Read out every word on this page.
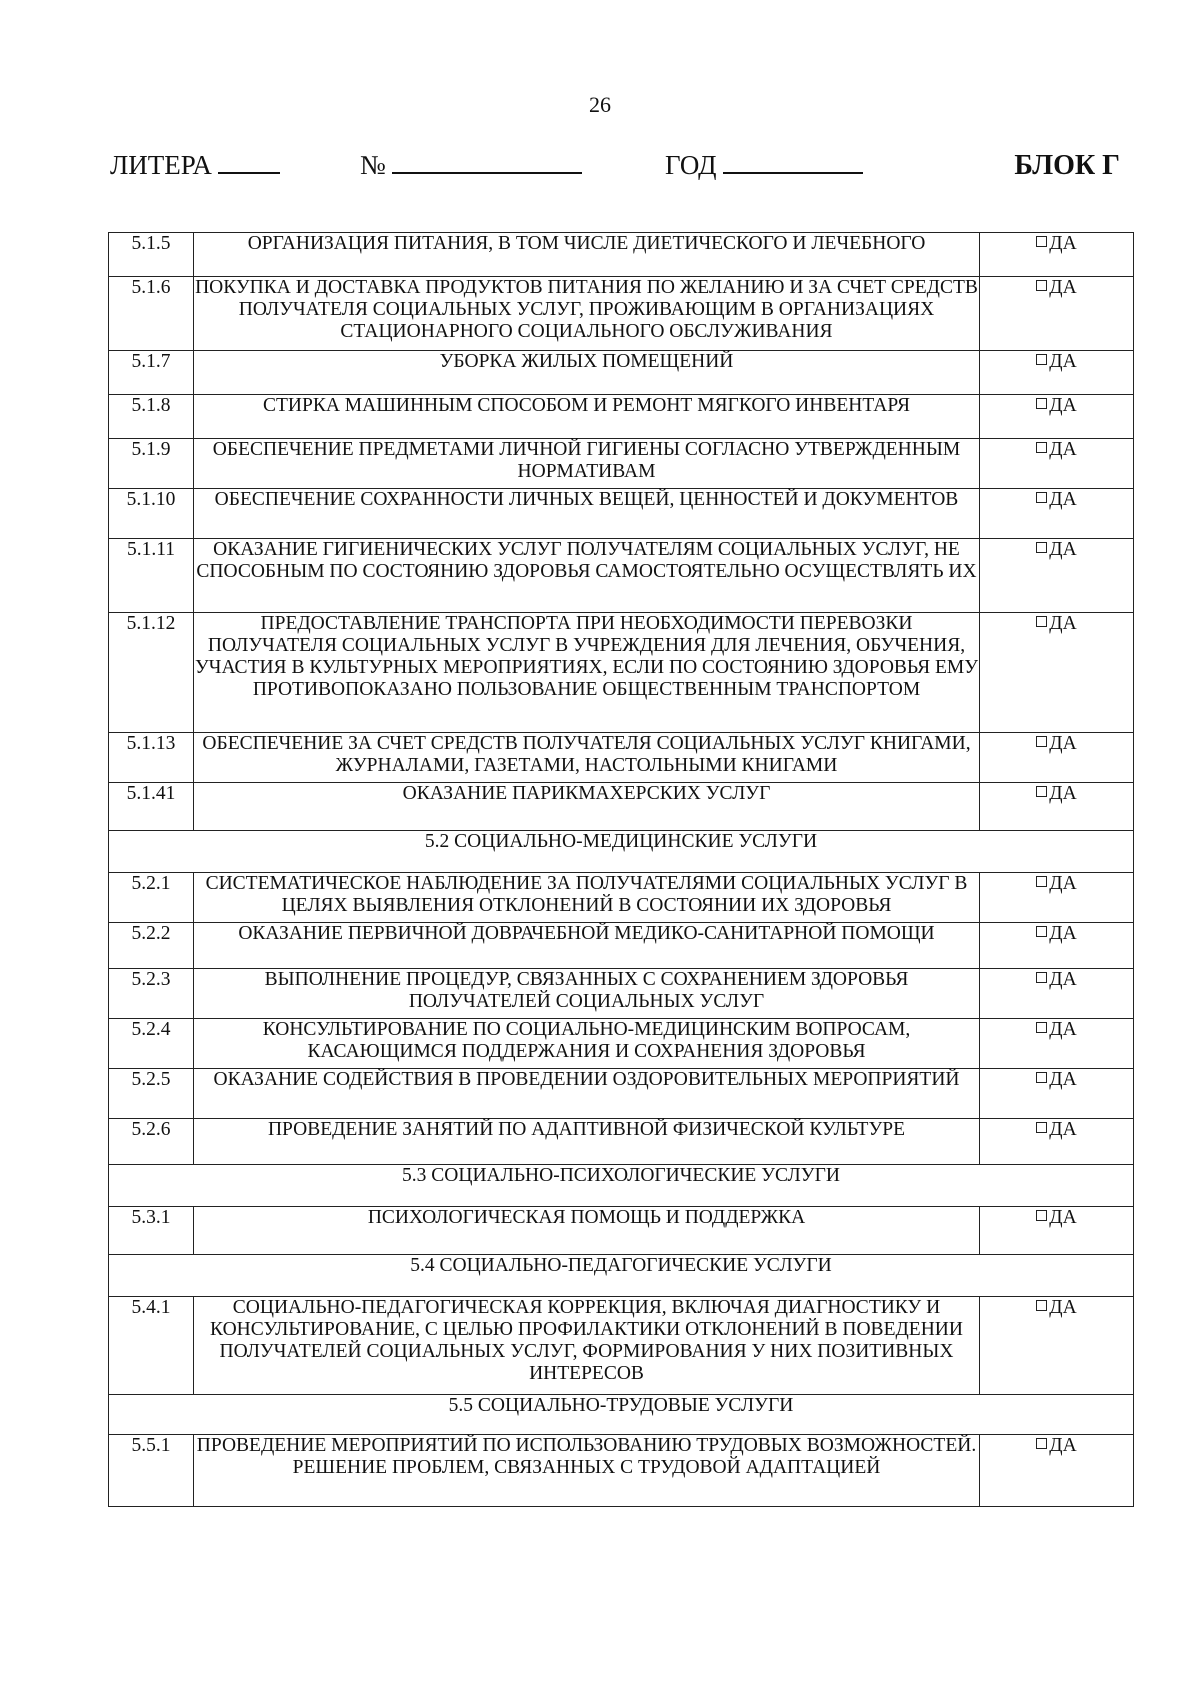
26
ЛИТЕРА	№	ГОД	БЛОК Г
5.1.5	ОРГАНИЗАЦИЯ ПИТАНИЯ, В ТОМ ЧИСЛЕ ДИЕТИЧЕСКОГО И ЛЕЧЕБНОГО	ДА
5.1.6	ПОКУПКА И ДОСТАВКА ПРОДУКТОВ ПИТАНИЯ ПО ЖЕЛАНИЮ И ЗА СЧЕТ СРЕДСТВ ПОЛУЧАТЕЛЯ СОЦИАЛЬНЫХ УСЛУГ, ПРОЖИВАЮЩИМ В ОРГАНИЗАЦИЯХ СТАЦИОНАРНОГО СОЦИАЛЬНОГО ОБСЛУЖИВАНИЯ	ДА
5.1.7	УБОРКА ЖИЛЫХ ПОМЕЩЕНИЙ	ДА
5.1.8	СТИРКА МАШИННЫМ СПОСОБОМ И РЕМОНТ МЯГКОГО ИНВЕНТАРЯ	ДА
5.1.9	ОБЕСПЕЧЕНИЕ ПРЕДМЕТАМИ ЛИЧНОЙ ГИГИЕНЫ СОГЛАСНО УТВЕРЖДЕННЫМ НОРМАТИВАМ	ДА
5.1.10	ОБЕСПЕЧЕНИЕ СОХРАННОСТИ ЛИЧНЫХ ВЕЩЕЙ, ЦЕННОСТЕЙ И ДОКУМЕНТОВ	ДА
5.1.11	ОКАЗАНИЕ ГИГИЕНИЧЕСКИХ УСЛУГ ПОЛУЧАТЕЛЯМ СОЦИАЛЬНЫХ УСЛУГ, НЕ СПОСОБНЫМ ПО СОСТОЯНИЮ ЗДОРОВЬЯ САМОСТОЯТЕЛЬНО ОСУЩЕСТВЛЯТЬ ИХ	ДА
5.1.12	ПРЕДОСТАВЛЕНИЕ ТРАНСПОРТА ПРИ НЕОБХОДИМОСТИ ПЕРЕВОЗКИ ПОЛУЧАТЕЛЯ СОЦИАЛЬНЫХ УСЛУГ В УЧРЕЖДЕНИЯ ДЛЯ ЛЕЧЕНИЯ, ОБУЧЕНИЯ, УЧАСТИЯ В КУЛЬТУРНЫХ МЕРОПРИЯТИЯХ, ЕСЛИ ПО СОСТОЯНИЮ ЗДОРОВЬЯ ЕМУ ПРОТИВОПОКАЗАНО ПОЛЬЗОВАНИЕ ОБЩЕСТВЕННЫМ ТРАНСПОРТОМ	ДА
5.1.13	ОБЕСПЕЧЕНИЕ ЗА СЧЕТ СРЕДСТВ ПОЛУЧАТЕЛЯ СОЦИАЛЬНЫХ УСЛУГ КНИГАМИ, ЖУРНАЛАМИ, ГАЗЕТАМИ, НАСТОЛЬНЫМИ КНИГАМИ	ДА
5.1.41	ОКАЗАНИЕ ПАРИКМАХЕРСКИХ УСЛУГ	ДА
5.2 СОЦИАЛЬНО-МЕДИЦИНСКИЕ УСЛУГИ		
5.2.1	СИСТЕМАТИЧЕСКОЕ НАБЛЮДЕНИЕ ЗА ПОЛУЧАТЕЛЯМИ СОЦИАЛЬНЫХ УСЛУГ В ЦЕЛЯХ ВЫЯВЛЕНИЯ ОТКЛОНЕНИЙ В СОСТОЯНИИ ИХ ЗДОРОВЬЯ	ДА
5.2.2	ОКАЗАНИЕ ПЕРВИЧНОЙ ДОВРАЧЕБНОЙ МЕДИКО-САНИТАРНОЙ ПОМОЩИ	ДА
5.2.3	ВЫПОЛНЕНИЕ ПРОЦЕДУР, СВЯЗАННЫХ С СОХРАНЕНИЕМ ЗДОРОВЬЯ ПОЛУЧАТЕЛЕЙ СОЦИАЛЬНЫХ УСЛУГ	ДА
5.2.4	КОНСУЛЬТИРОВАНИЕ ПО СОЦИАЛЬНО-МЕДИЦИНСКИМ ВОПРОСАМ, КАСАЮЩИМСЯ ПОДДЕРЖАНИЯ И СОХРАНЕНИЯ ЗДОРОВЬЯ	ДА
5.2.5	ОКАЗАНИЕ СОДЕЙСТВИЯ В ПРОВЕДЕНИИ ОЗДОРОВИТЕЛЬНЫХ МЕРОПРИЯТИЙ	ДА
5.2.6	ПРОВЕДЕНИЕ ЗАНЯТИЙ ПО АДАПТИВНОЙ ФИЗИЧЕСКОЙ КУЛЬТУРЕ	ДА
5.3 СОЦИАЛЬНО-ПСИХОЛОГИЧЕСКИЕ УСЛУГИ		
5.3.1	ПСИХОЛОГИЧЕСКАЯ ПОМОЩЬ И ПОДДЕРЖКА	ДА
5.4 СОЦИАЛЬНО-ПЕДАГОГИЧЕСКИЕ УСЛУГИ		
5.4.1	СОЦИАЛЬНО-ПЕДАГОГИЧЕСКАЯ КОРРЕКЦИЯ, ВКЛЮЧАЯ ДИАГНОСТИКУ И КОНСУЛЬТИРОВАНИЕ, С ЦЕЛЬЮ ПРОФИЛАКТИКИ ОТКЛОНЕНИЙ В ПОВЕДЕНИИ ПОЛУЧАТЕЛЕЙ СОЦИАЛЬНЫХ УСЛУГ, ФОРМИРОВАНИЯ У НИХ ПОЗИТИВНЫХ ИНТЕРЕСОВ	ДА
5.5 СОЦИАЛЬНО-ТРУДОВЫЕ УСЛУГИ		
5.5.1	ПРОВЕДЕНИЕ МЕРОПРИЯТИЙ ПО ИСПОЛЬЗОВАНИЮ ТРУДОВЫХ ВОЗМОЖНОСТЕЙ.
РЕШЕНИЕ ПРОБЛЕМ, СВЯЗАННЫХ С ТРУДОВОЙ АДАПТАЦИЕЙ	ДА
